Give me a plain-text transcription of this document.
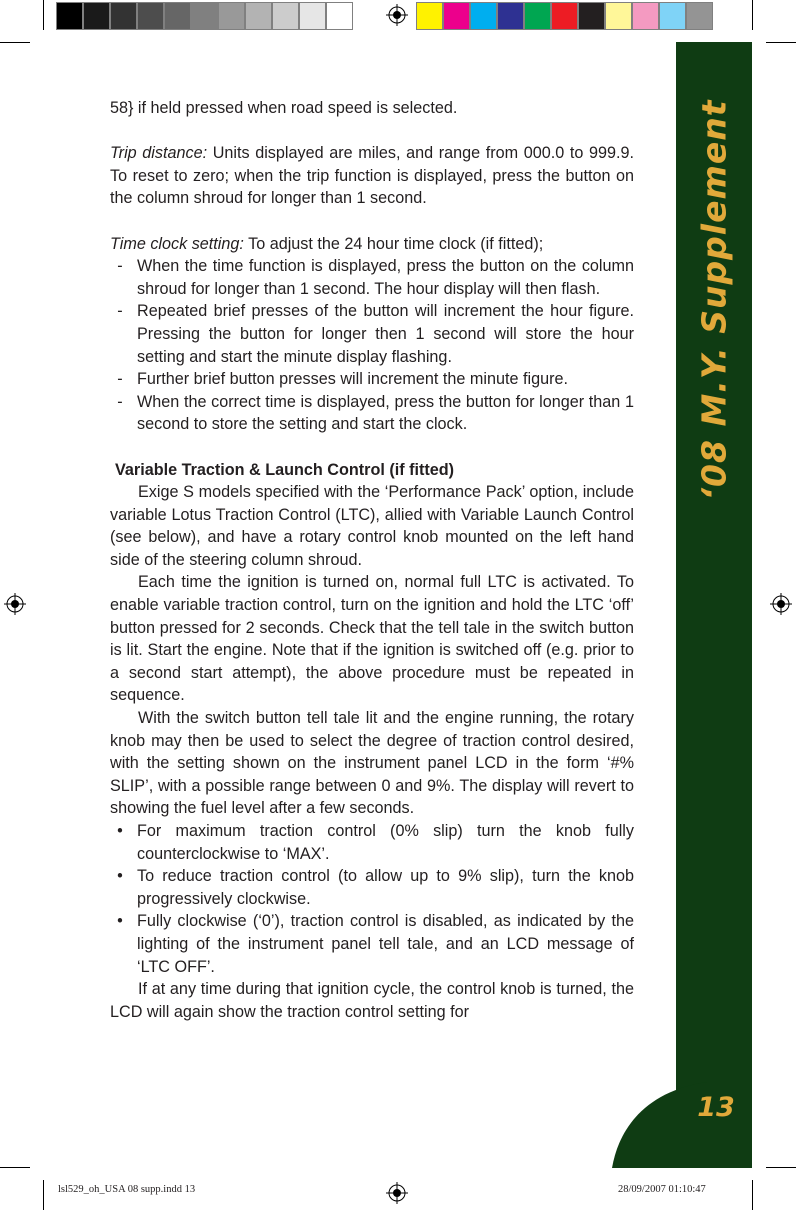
‘08 M.Y. Supplement
13
58} if held pressed when road speed is selected.
Trip distance: Units displayed are miles, and range from 000.0 to 999.9. To reset to zero; when the trip function is displayed, press the button on the column shroud for longer than 1 second.
Time clock setting: To adjust the 24 hour time clock (if fitted);
- When the time function is displayed, press the button on the column shroud for longer than 1 second. The hour display will then flash.
- Repeated brief presses of the button will increment the hour figure. Pressing the button for longer then 1 second will store the hour setting and start the minute display flashing.
- Further brief button presses will increment the minute figure.
- When the correct time is displayed, press the button for longer than 1 second to store the setting and start the clock.
Variable Traction & Launch Control (if fitted)
Exige S models specified with the ‘Performance Pack’ option, include variable Lotus Traction Control (LTC), allied with Variable Launch Control (see below), and have a rotary control knob mounted on the left hand side of the steering column shroud.
Each time the ignition is turned on, normal full LTC is activated. To enable variable traction control, turn on the ignition and hold the LTC ‘off’ button pressed for 2 seconds. Check that the tell tale in the switch button is lit. Start the engine. Note that if the ignition is switched off (e.g. prior to a second start attempt), the above procedure must be repeated in sequence.
With the switch button tell tale lit and the engine running, the rotary knob may then be used to select the degree of traction control desired, with the setting shown on the instrument panel LCD in the form ‘#% SLIP’, with a possible range between 0 and 9%. The display will revert to showing the fuel level after a few seconds.
• For maximum traction control (0% slip) turn the knob fully counterclockwise to ‘MAX’.
• To reduce traction control (to allow up to 9% slip), turn the knob progressively clockwise.
• Fully clockwise (‘0’), traction control is disabled, as indicated by the lighting of the instrument panel tell tale, and an LCD message of ‘LTC OFF’.
If at any time during that ignition cycle, the control knob is turned, the LCD will again show the traction control setting for
lsl529_oh_USA 08 supp.indd 13	28/09/2007 01:10:47
